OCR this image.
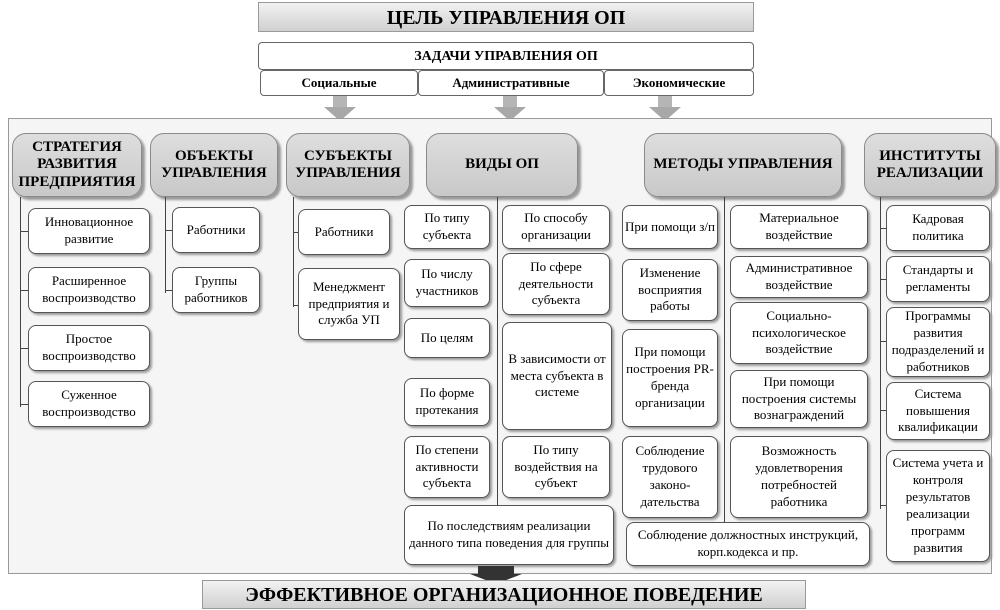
ЦЕЛЬ УПРАВЛЕНИЯ ОП
ЗАДАЧИ УПРАВЛЕНИЯ ОП
Социальные	Административные	Экономические
СТРАТЕГИЯ РАЗВИТИЯ ПРЕДПРИЯТИЯ
ОБЪЕКТЫ УПРАВЛЕНИЯ
СУБЪЕКТЫ УПРАВЛЕНИЯ
ВИДЫ ОП	МЕТОДЫ УПРАВЛЕНИЯ
ИНСТИТУТЫ РЕАЛИЗАЦИИ
Инновационное развитие
Расширенное воспроизводство
Простое воспроизводство
Суженное воспроизводство
Работники
Группы работников
Работники
Менеджмент предприятия и служба УП
По типу субъекта
По числу участников
По целям
По форме протекания
По степени активности субъекта
По способу организации
По сфере деятельности субъекта
В зависимости от места субъекта в системе
По типу воздействия на субъект
По последствиям реализации данного типа поведения для группы
При помощи з/п
Изменение восприятия работы
При помощи построения PR-бренда организации
Соблюдение трудового законо-дательства
Материальное воздействие
Административное воздействие
Социально-психологическое воздействие
При помощи построения системы вознаграждений
Возможность удовлетворения потребностей работника
Соблюдение должностных инструкций, корп.кодекса и пр.
Кадровая политика
Стандарты и регламенты
Программы развития подразделений и работников
Система повышения квалификации
Система учета и контроля результатов реализации программ развития
ЭФФЕКТИВНОЕ ОРГАНИЗАЦИОННОЕ ПОВЕДЕНИЕ
